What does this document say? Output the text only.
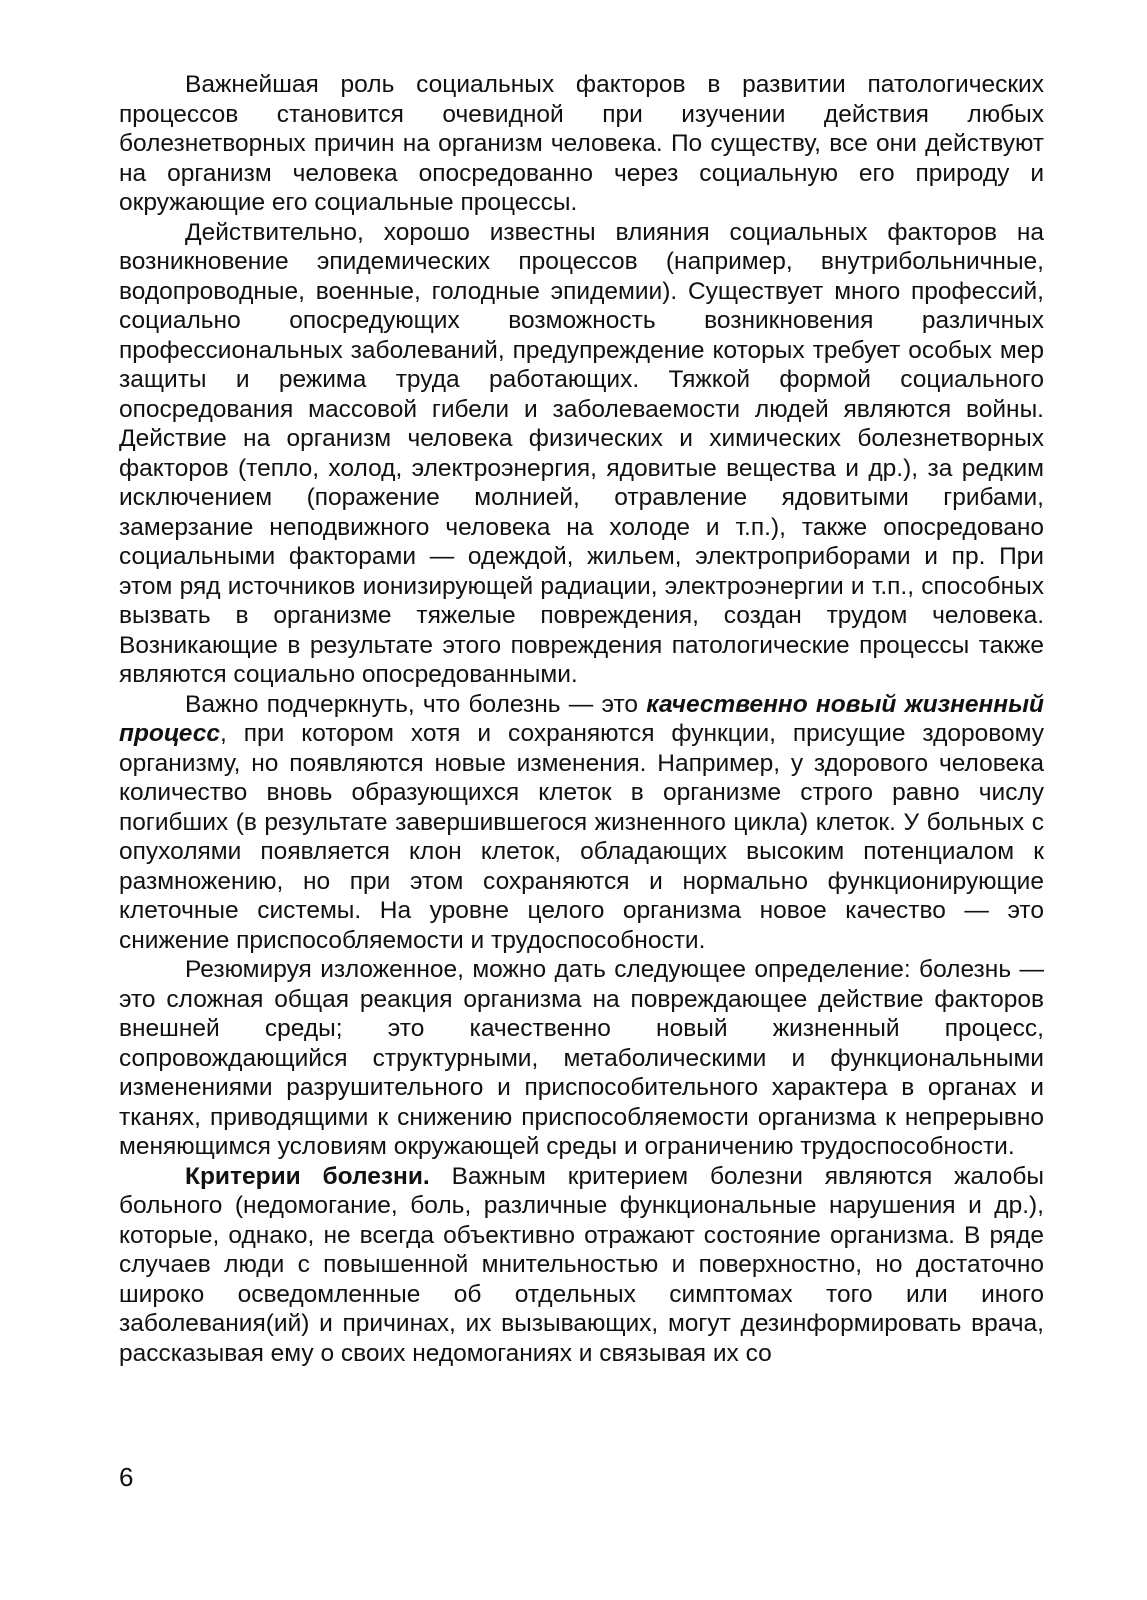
Важнейшая роль социальных факторов в развитии патологических процессов становится очевидной при изучении действия любых болезнетворных причин на организм человека. По существу, все они действуют на организм человека опосредованно через социальную его природу и окружающие его социальные процессы.

Действительно, хорошо известны влияния социальных факторов на возникновение эпидемических процессов (например, внутрибольничные, водопроводные, военные, голодные эпидемии). Существует много профессий, социально опосредующих возможность возникновения различных профессиональных заболеваний, предупреждение которых требует особых мер защиты и режима труда работающих. Тяжкой формой социального опосредования массовой гибели и заболеваемости людей являются войны. Действие на организм человека физических и химических болезнетворных факторов (тепло, холод, электроэнергия, ядовитые вещества и др.), за редким исключением (поражение молнией, отравление ядовитыми грибами, замерзание неподвижного человека на холоде и т.п.), также опосредовано социальными факторами — одеждой, жильем, электроприборами и пр. При этом ряд источников ионизирующей радиации, электроэнергии и т.п., способных вызвать в организме тяжелые повреждения, создан трудом человека. Возникающие в результате этого повреждения патологические процессы также являются социально опосредованными.

Важно подчеркнуть, что болезнь — это качественно новый жизненный процесс, при котором хотя и сохраняются функции, присущие здоровому организму, но появляются новые изменения. Например, у здорового человека количество вновь образующихся клеток в организме строго равно числу погибших (в результате завершившегося жизненного цикла) клеток. У больных с опухолями появляется клон клеток, обладающих высоким потенциалом к размножению, но при этом сохраняются и нормально функционирующие клеточные системы. На уровне целого организма новое качество — это снижение приспособляемости и трудоспособности.

Резюмируя изложенное, можно дать следующее определение: болезнь — это сложная общая реакция организма на повреждающее действие факторов внешней среды; это качественно новый жизненный процесс, сопровождающийся структурными, метаболическими и функциональными изменениями разрушительного и приспособительного характера в органах и тканях, приводящими к снижению приспособляемости организма к непрерывно меняющимся условиям окружающей среды и ограничению трудоспособности.

Критерии болезни. Важным критерием болезни являются жалобы больного (недомогание, боль, различные функциональные нарушения и др.), которые, однако, не всегда объективно отражают состояние организма. В ряде случаев люди с повышенной мнительностью и поверхностно, но достаточно широко осведомленные об отдельных симптомах того или иного заболевания(ий) и причинах, их вызывающих, могут дезинформировать врача, рассказывая ему о своих недомоганиях и связывая их со

6
